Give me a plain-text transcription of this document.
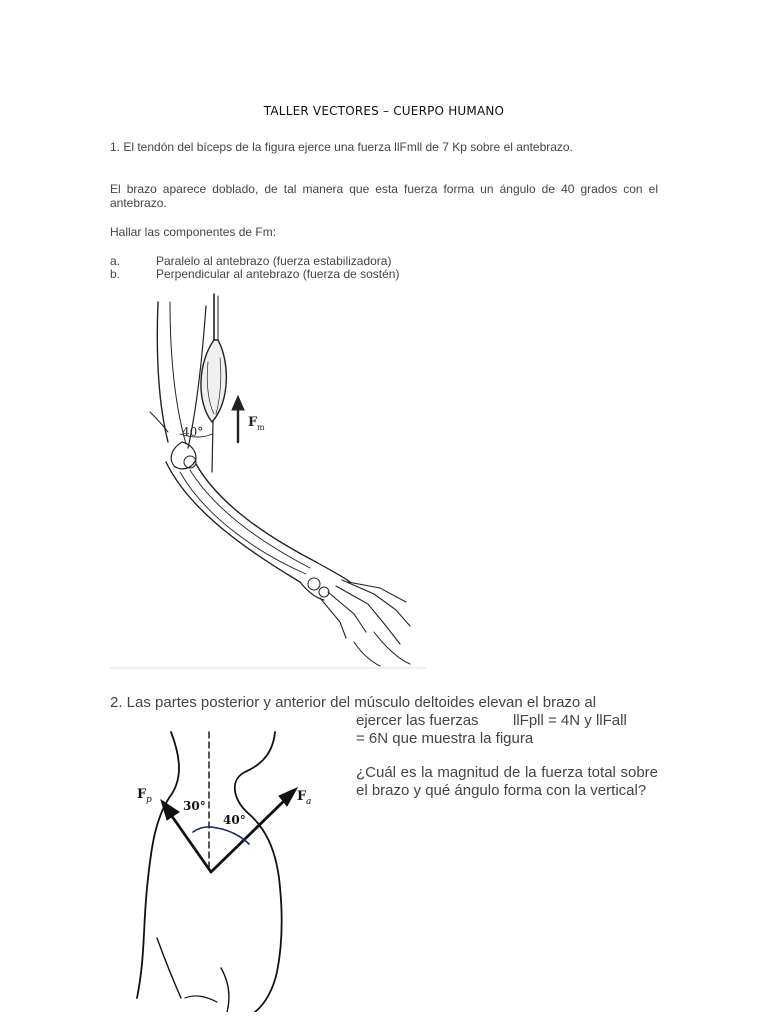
TALLER VECTORES – CUERPO HUMANO
1. El tendón del bíceps de la figura ejerce una fuerza llFmll de 7 Kp sobre el antebrazo.
El brazo aparece doblado, de tal manera que esta fuerza forma un ángulo de 40 grados con el antebrazo.
Hallar las componentes de Fm:
a.	Paralelo al antebrazo (fuerza estabilizadora)
b.	Perpendicular al antebrazo (fuerza de sostén)
40°
F m
2. Las partes posterior y anterior del músculo deltoides elevan el brazo al
ejercer las fuerzas llFpll = 4N y llFall
= 6N que muestra la figura
¿Cuál es la magnitud de la fuerza total sobre el brazo y qué ángulo forma con la vertical?
F p	F a
30°
40°
